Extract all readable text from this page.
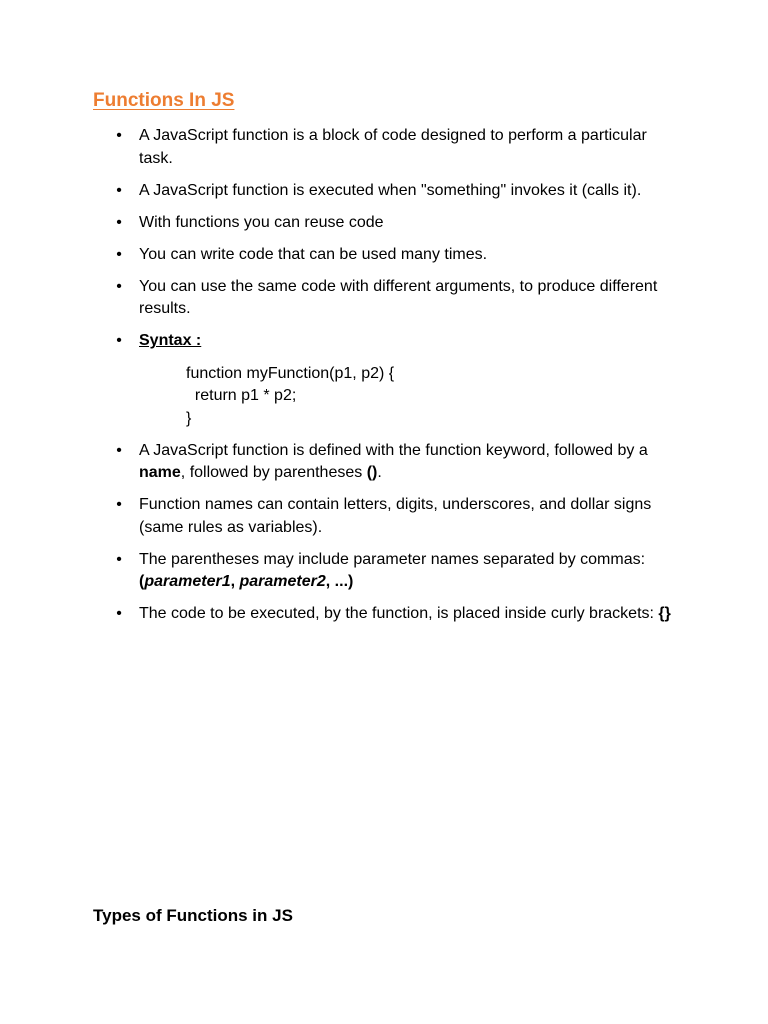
Functions In JS
• A JavaScript function is a block of code designed to perform a particular task.
• A JavaScript function is executed when "something" invokes it (calls it).
• With functions you can reuse code
• You can write code that can be used many times.
• You can use the same code with different arguments, to produce different results.
• Syntax :
function myFunction(p1, p2) {
return p1 * p2;
}
• A JavaScript function is defined with the function keyword, followed by a name, followed by parentheses ().
• Function names can contain letters, digits, underscores, and dollar signs (same rules as variables).
• The parentheses may include parameter names separated by commas: (parameter1, parameter2, ...)
• The code to be executed, by the function, is placed inside curly brackets: {}
Types of Functions in JS
